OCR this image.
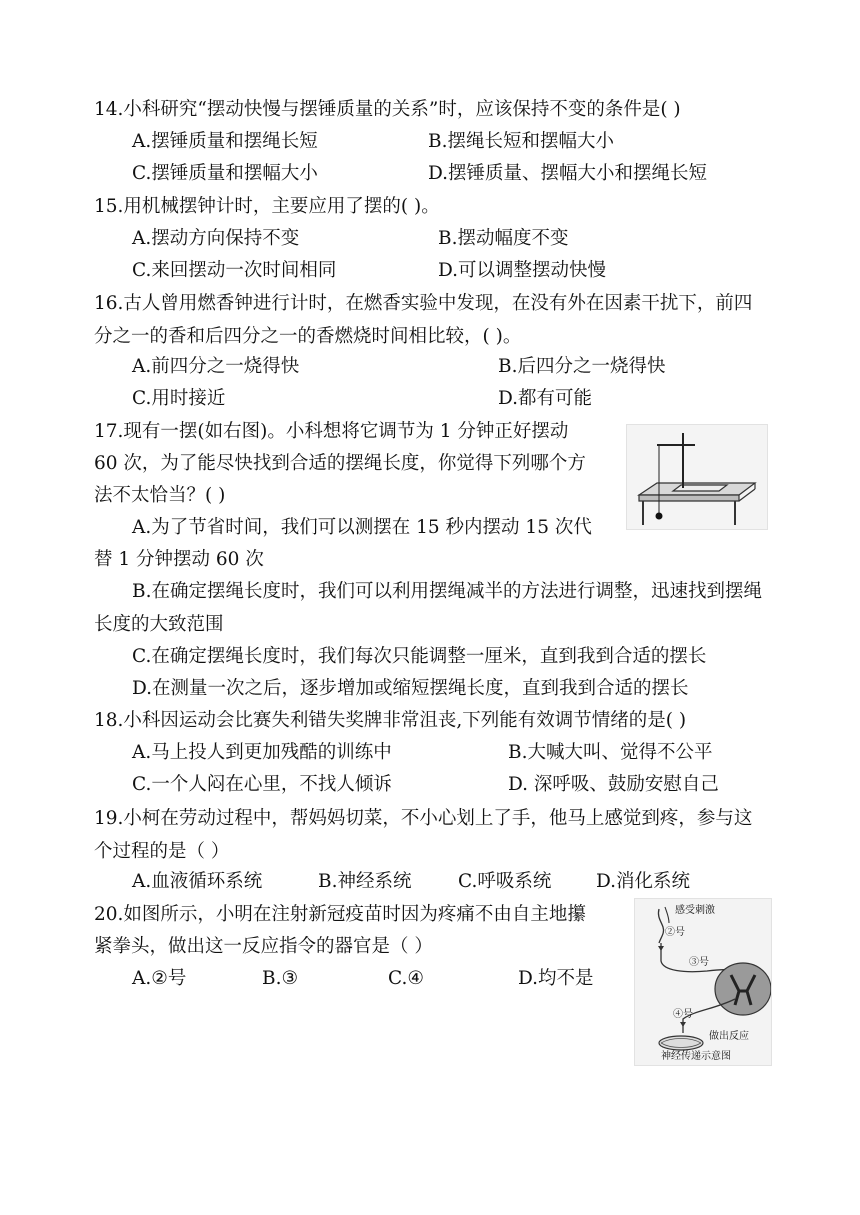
14.小科研究“摆动快慢与摆锤质量的关系”时，应该保持不变的条件是( )
A.摆锤质量和摆绳长短	B.摆绳长短和摆幅大小
C.摆锤质量和摆幅大小	D.摆锤质量、摆幅大小和摆绳长短
15.用机械摆钟计时，主要应用了摆的( )。
A.摆动方向保持不变	B.摆动幅度不变
C.来回摆动一次时间相同	D.可以调整摆动快慢
16.古人曾用燃香钟进行计时，在燃香实验中发现，在没有外在因素干扰下，前四分之一的香和后四分之一的香燃烧时间相比较，( )。
A.前四分之一烧得快	B.后四分之一烧得快
C.用时接近	D.都有可能
17.现有一摆(如右图)。小科想将它调节为 1 分钟正好摆动
60 次，为了能尽快找到合适的摆绳长度，你觉得下列哪个方
法不太恰当？( )
A.为了节省时间，我们可以测摆在 15 秒内摆动 15 次代
替 1 分钟摆动 60 次
B.在确定摆绳长度时，我们可以利用摆绳减半的方法进行调整，迅速找到摆绳长度的大致范围
C.在确定摆绳长度时，我们每次只能调整一厘米，直到我到合适的摆长
D.在测量一次之后，逐步增加或缩短摆绳长度，直到我到合适的摆长
18.小科因运动会比赛失利错失奖牌非常沮丧,下列能有效调节情绪的是( )
A.马上投人到更加残酷的训练中	B.大喊大叫、觉得不公平
C.一个人闷在心里，不找人倾诉	D. 深呼吸、鼓励安慰自己
19.小柯在劳动过程中，帮妈妈切菜，不小心划上了手，他马上感觉到疼，参与这个过程的是（ ）
A.血液循环系统	B.神经系统	C.呼吸系统 D.消化系统
20.如图所示，小明在注射新冠疫苗时因为疼痛不由自主地攥
紧拳头，做出这一反应指令的器官是（ ）
A.②号	B.③	C.④	D.均不是
感受刺激
②号
③号
④号
做出反应
神经传递示意图
